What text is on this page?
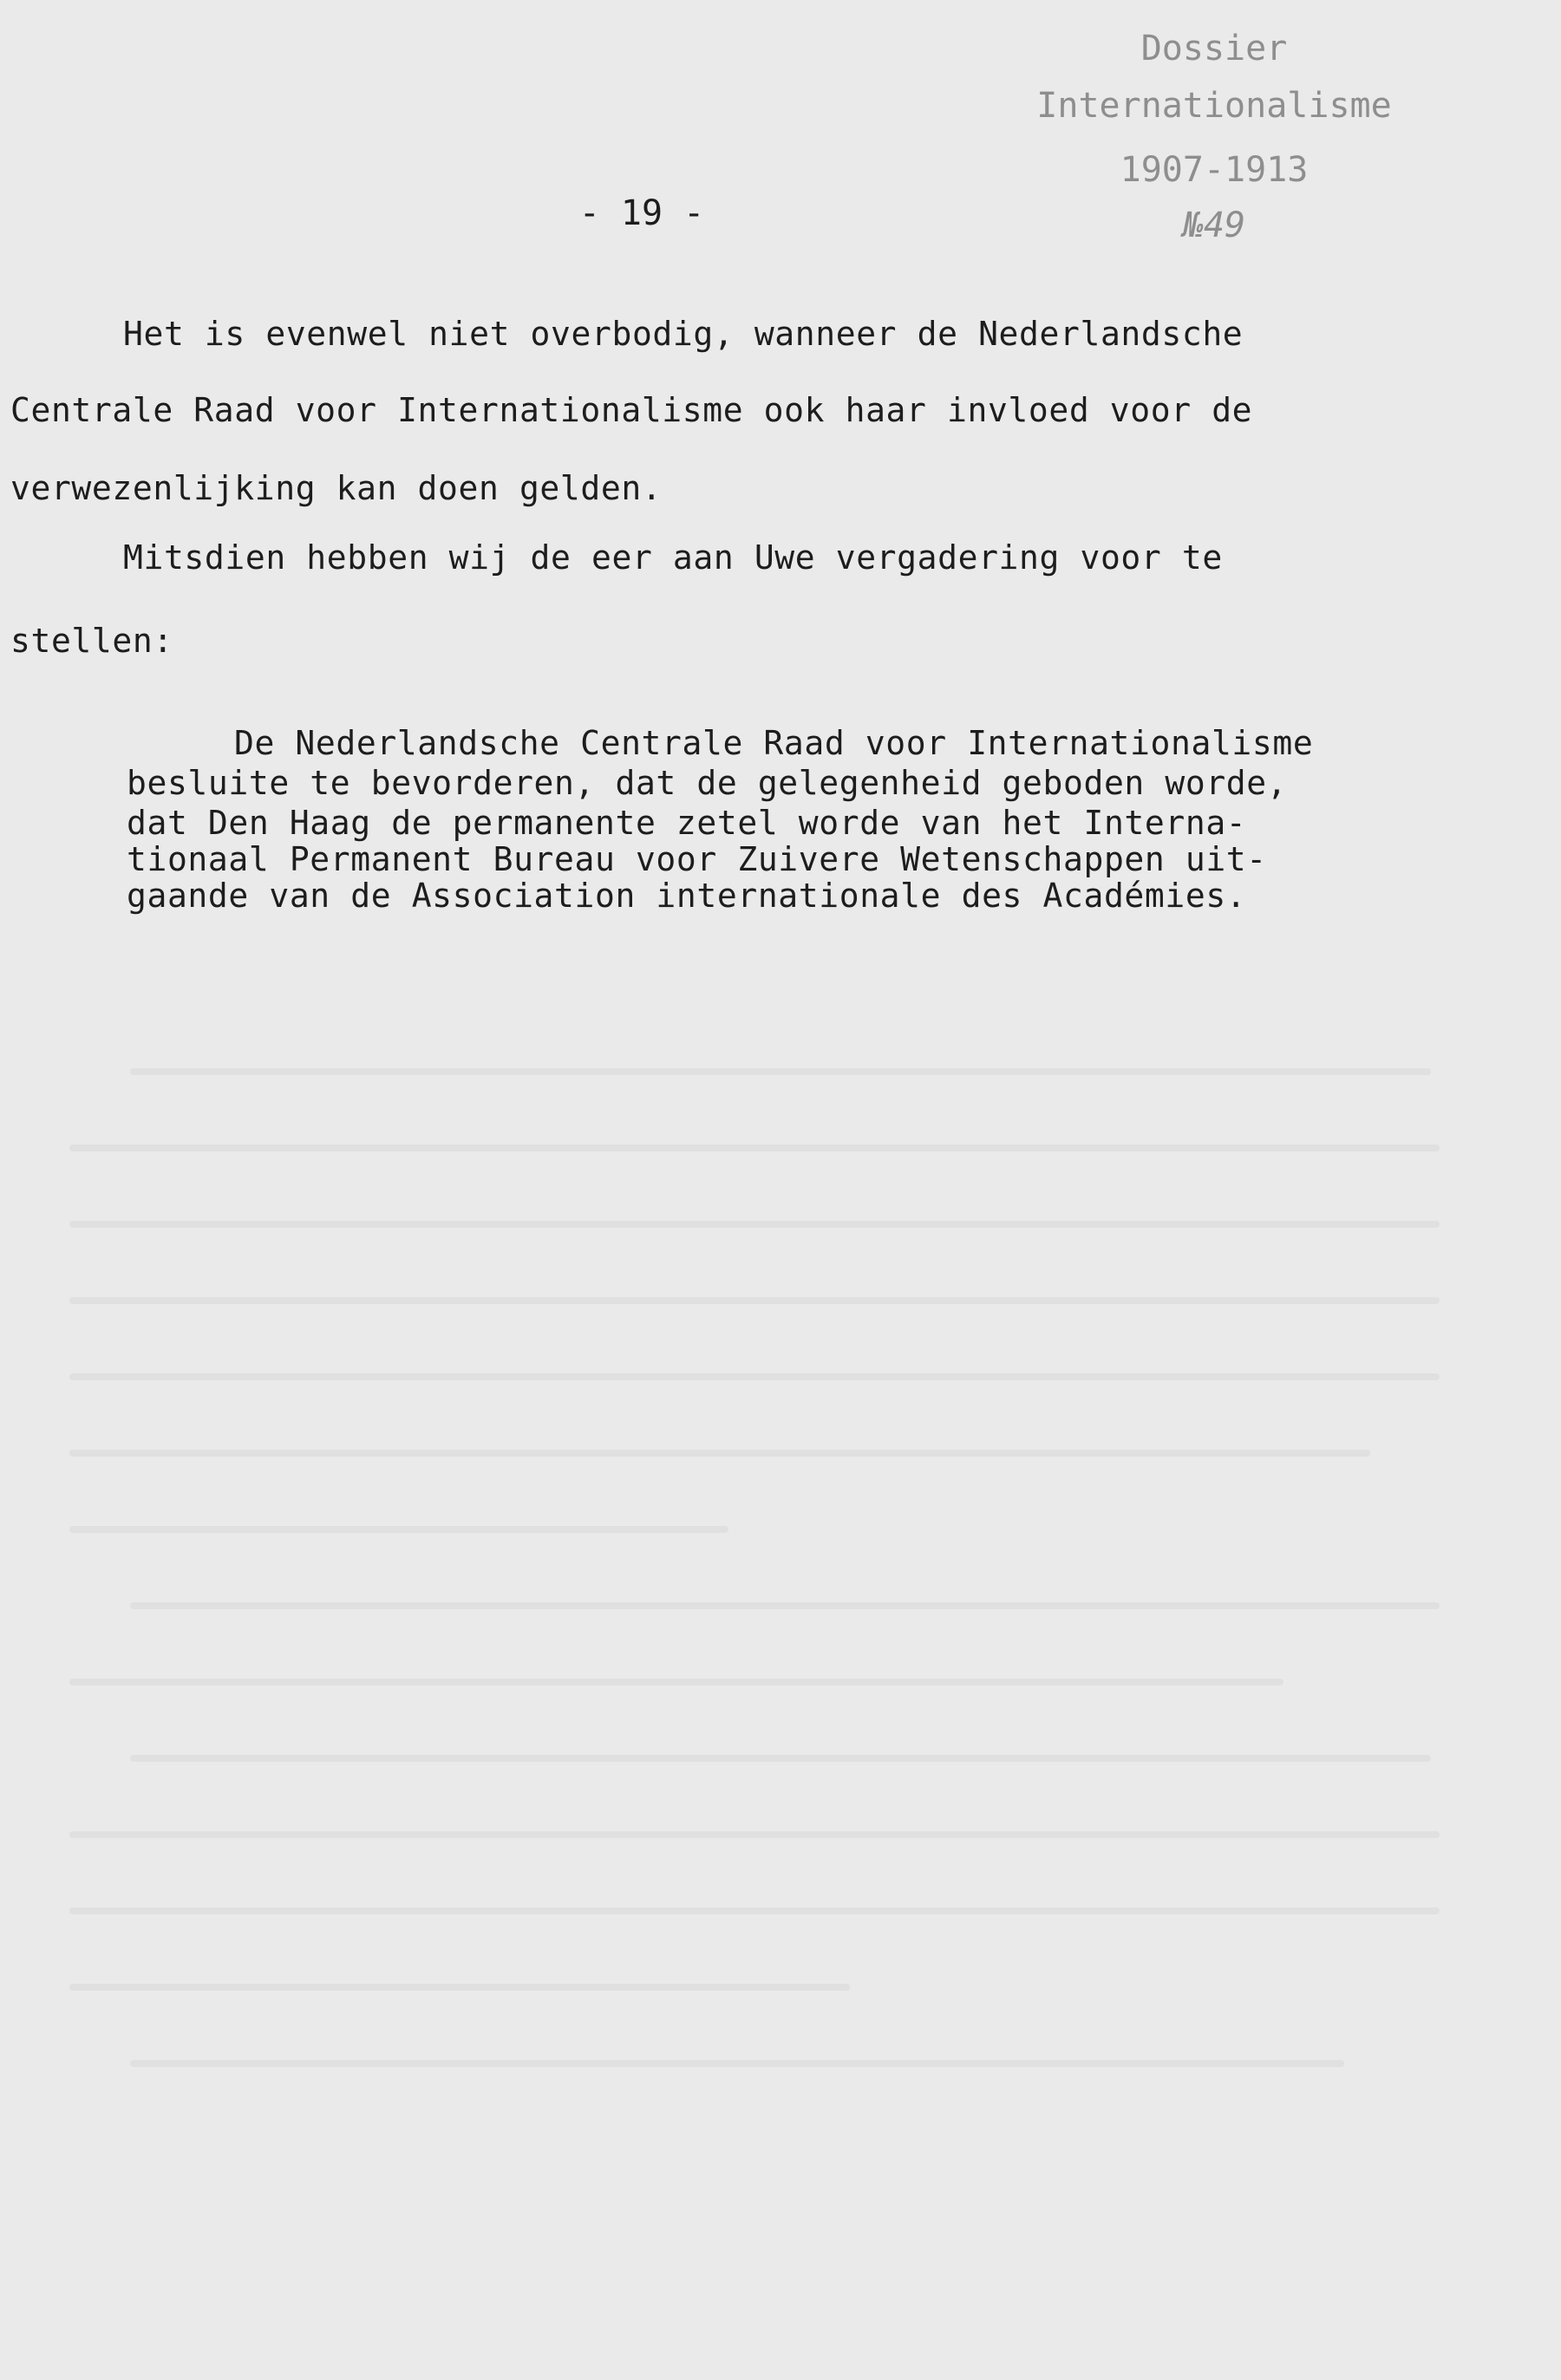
Dossier
Internationalisme
1907-1913
№49
- 19 -
Het is evenwel niet overbodig, wanneer de Nederlandsche
Centrale Raad voor Internationalisme ook haar invloed voor de
verwezenlijking kan doen gelden.
Mitsdien hebben wij de eer aan Uwe vergadering voor te
stellen:
De Nederlandsche Centrale Raad voor Internationalisme
besluite te bevorderen, dat de gelegenheid geboden worde,
dat Den Haag de permanente zetel worde van het Interna-
tionaal Permanent Bureau voor Zuivere Wetenschappen uit-
gaande van de Association internationale des Académies.
